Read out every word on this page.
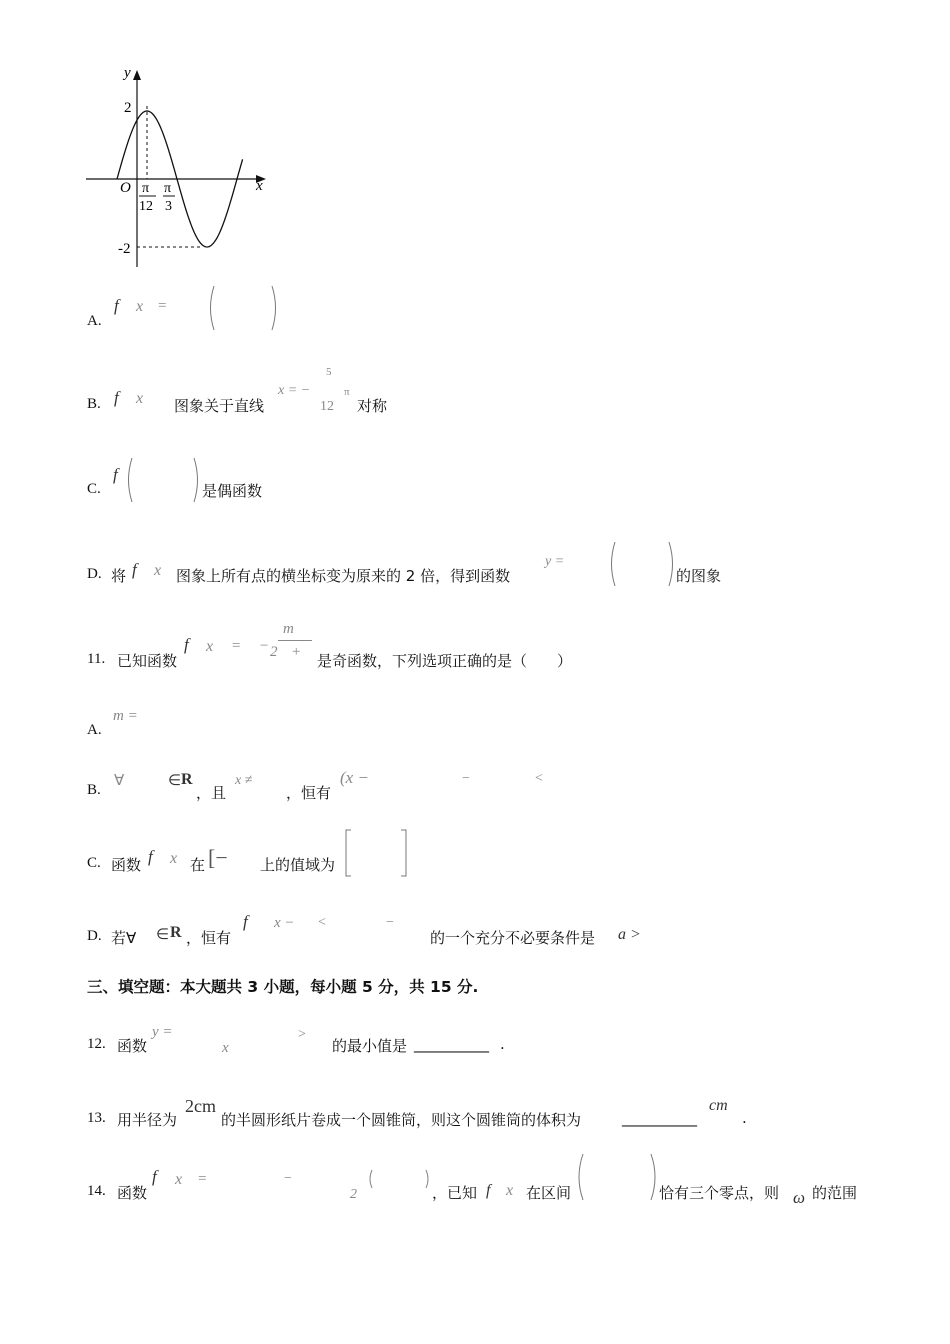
y
x
O
2
-2
π
12
π
3
A.
f x =
B. f x 图象关于直线
x = −
5
12
π
对称
C.
f
是偶函数
D. 将 f x 图象上所有点的横坐标变为原来的 2 倍，得到函数
y =
的图象
11. 已知函数
f x = −
m
2 + 是奇函数，下列选项正确的是（　　）
A.
m =
B.
∀	∈ R
，且
x ≠
，恒有
(x −	−	<
C. 函数 f x 在 [− 上的值域为
D. 若∀ ∈ R ，恒有
f x − <	−
的一个充分不必要条件是 a >
三、填空题：本大题共 3 小题，每小题 5 分，共 15 分.
12. 函数
y =
x
>
的最小值是 __________ .
13. 用半径为
2cm
的半圆形纸片卷成一个圆锥筒，则这个圆锥筒的体积为	__________
cm
.
14. 函数
f x =	−
2	，已知 f x 在区间	恰有三个零点，则 ω 的范围
